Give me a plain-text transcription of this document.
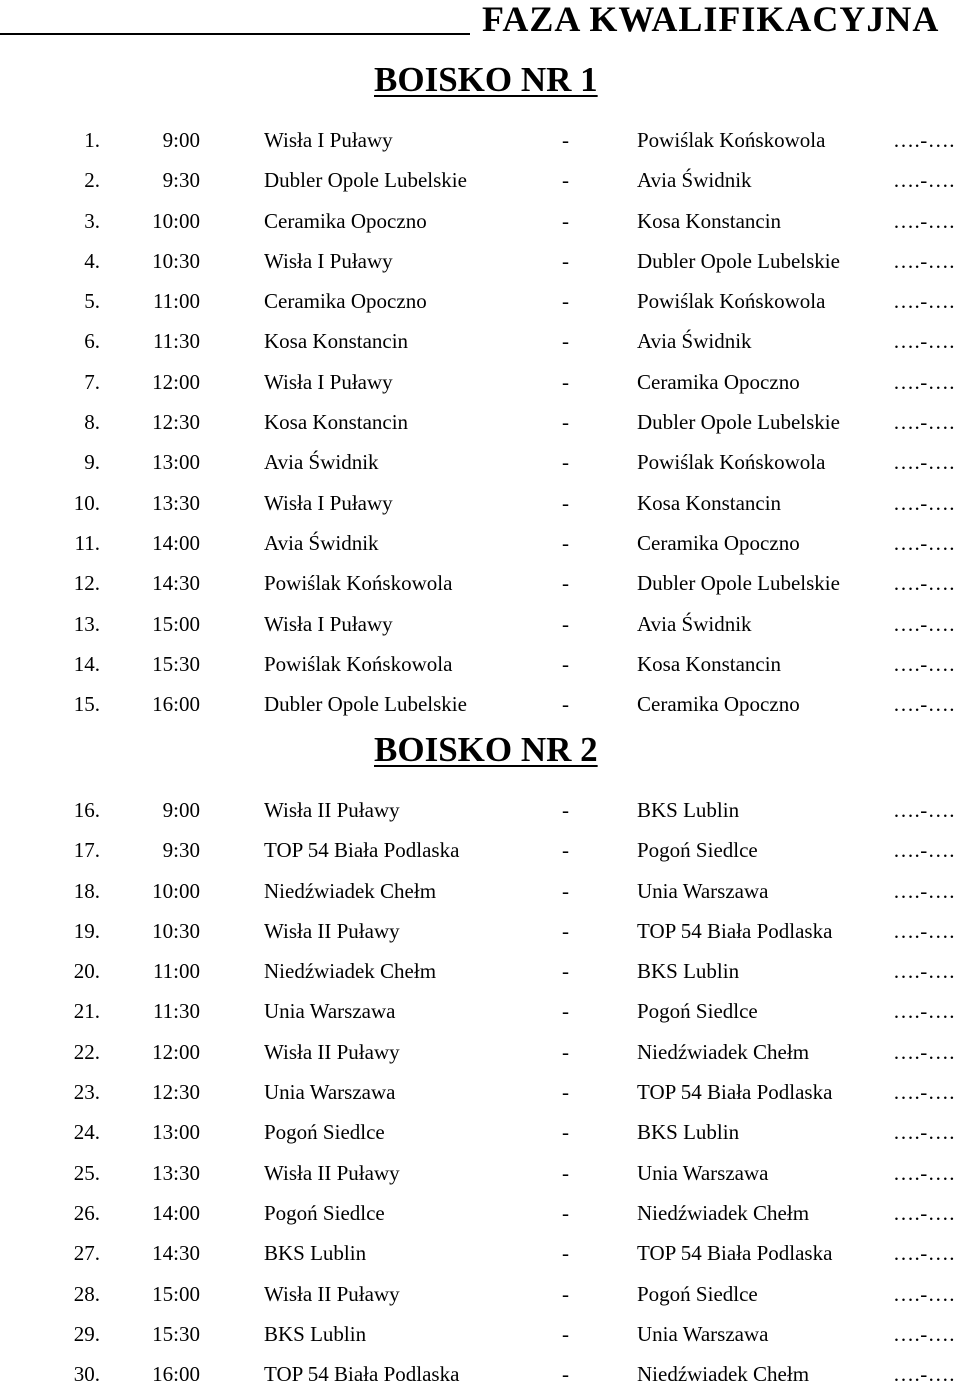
FAZA KWALIFIKACYJNA
BOISKO NR 1
1.	9:00	Wisła I Puławy	-	Powiślak Końskowola	….-….
2.	9:30	Dubler Opole Lubelskie	-	Avia Świdnik	….-….
3. 10:00	Ceramika Opoczno	-	Kosa Konstancin	….-….
4. 10:30	Wisła I Puławy	-	Dubler Opole Lubelskie	….-….
5.	11:00	Ceramika Opoczno	-	Powiślak Końskowola	….-….
6.	11:30	Kosa Konstancin	-	Avia Świdnik	….-….
7. 12:00	Wisła I Puławy	-	Ceramika Opoczno	….-….
8. 12:30	Kosa Konstancin	-	Dubler Opole Lubelskie	….-….
9. 13:00	Avia Świdnik	-	Powiślak Końskowola	….-….
10. 13:30	Wisła I Puławy	-	Kosa Konstancin	….-….
11. 14:00	Avia Świdnik	-	Ceramika Opoczno	….-….
12. 14:30	Powiślak Końskowola	-	Dubler Opole Lubelskie	….-….
13. 15:00	Wisła I Puławy	-	Avia Świdnik	….-….
14. 15:30	Powiślak Końskowola	-	Kosa Konstancin	….-….
15. 16:00	Dubler Opole Lubelskie	-	Ceramika Opoczno	….-….
BOISKO NR 2
16.	9:00	Wisła II Puławy	-	BKS Lublin	….-….
17.	9:30	TOP 54 Biała Podlaska	-	Pogoń Siedlce	….-….
18. 10:00	Niedźwiadek Chełm	-	Unia Warszawa	….-….
19. 10:30	Wisła II Puławy	-	TOP 54 Biała Podlaska	….-….
20.	11:00	Niedźwiadek Chełm	-	BKS Lublin	….-….
21.	11:30	Unia Warszawa	-	Pogoń Siedlce	….-….
22. 12:00	Wisła II Puławy	-	Niedźwiadek Chełm	….-….
23. 12:30	Unia Warszawa	-	TOP 54 Biała Podlaska	….-….
24. 13:00	Pogoń Siedlce	-	BKS Lublin	….-….
25. 13:30	Wisła II Puławy	-	Unia Warszawa	….-….
26. 14:00	Pogoń Siedlce	-	Niedźwiadek Chełm	….-….
27. 14:30	BKS Lublin	-	TOP 54 Biała Podlaska	….-….
28. 15:00	Wisła II Puławy	-	Pogoń Siedlce	….-….
29. 15:30	BKS Lublin	-	Unia Warszawa	….-….
30. 16:00	TOP 54 Biała Podlaska	-	Niedźwiadek Chełm	….-….
